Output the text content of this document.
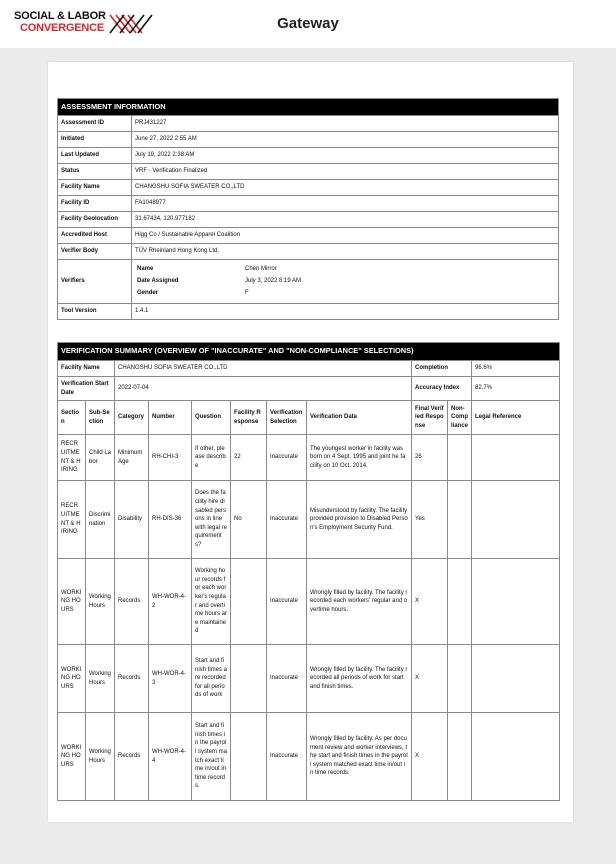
SOCIAL & LABOR
CONVERGENCE	Gateway
ASSESSMENT INFORMATION
Assessment ID	PRJ431227
Initiated	June 27, 2022 2:55 AM
Last Updated	July 19, 2022 2:38 AM
Status	VRF - Verification Finalized
Facility Name	CHANGSHU SOFIA SWEATER CO.,LTD
Facility ID	FA1048977
Facility Geolocation	31.67434, 120.977182
Accredited Host	Higg Co / Sustainable Apparel Coalition
Verifier Body	TÜV Rheinland Hong Kong Ltd.
Verifiers	
Name	Chen Mirror
Date Assigned	July 3, 2022 8:19 AM
Gender	F

Tool Version	1.4.1
VERIFICATION SUMMARY (OVERVIEW OF "INACCURATE" AND "NON-COMPLIANCE" SELECTIONS)										
Facility Name		CHANGSHU SOFIA SWEATER CO.,LTD						Completion		96.6%
Verification Start Date		2022-07-04						Accuracy Index		82.7%
Section	Sub-Section	Category	Number	Question	Facility Response	Verification Selection	Verification Data	Final Verified Response	Non-Compliance	Legal Reference
RECRUITMENT & HIRING	Child Labor	Minimum Age	RH-CHI-3	If other, please describe	22	Inaccurate	The youngest worker in facility was born on 4 Sept. 1995 and joint he facility on 10 Oct. 2014.	26		
RECRUITMENT & HIRING	Discrimination	Disability	RH-DIS-36	Does the facility hire disabled persons in line with legal requirements?	No	Inaccurate	Misunderstood by facility. The facility provided provision to Disabled Person's Employment Security Fund.	Yes		
WORKING HOURS	Working Hours	Records	WH-WOR-4-2	Working hour records for each worker's regular and overtime hours are maintained		Inaccurate	Wrongly filled by facility. The facility recorded each workers' regular and overtime hours.	X		
WORKING HOURS	Working Hours	Records	WH-WOR-4-3	Start and finish times are recorded for all periods of work		Inaccurate	Wrongly filled by facility. The facility recorded all periods of work for start and finish times.	X		
WORKING HOURS	Working Hours	Records	WH-WOR-4-4	Start and finish times in the payroll system match exact time in/out in time records.		Inaccurate	Wrongly filled by facility. As per document review and worker interviews, the start and finish times in the payroll system matched exact time in/out in time records.	X		
